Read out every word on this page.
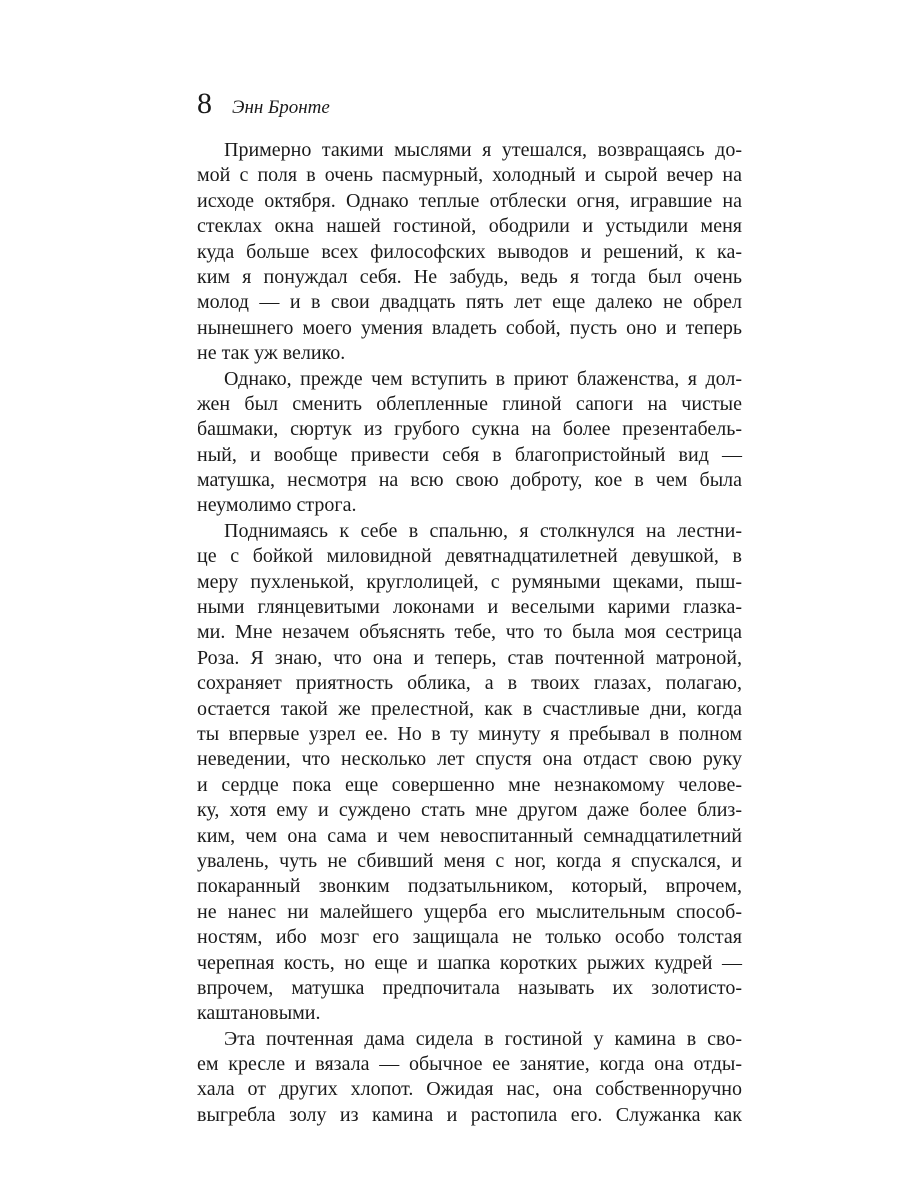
8 Энн Бронте
Примерно такими мыслями я утешался, возвращаясь до-
мой с поля в очень пасмурный, холодный и сырой вечер на
исходе октября. Однако теплые отблески огня, игравшие на
стеклах окна нашей гостиной, ободрили и устыдили меня
куда больше всех философских выводов и решений, к ка-
ким я понуждал себя. Не забудь, ведь я тогда был очень
молод — и в свои двадцать пять лет еще далеко не обрел
нынешнего моего умения владеть собой, пусть оно и теперь
не так уж велико.
Однако, прежде чем вступить в приют блаженства, я дол-
жен был сменить облепленные глиной сапоги на чистые
башмаки, сюртук из грубого сукна на более презентабель-
ный, и вообще привести себя в благопристойный вид —
матушка, несмотря на всю свою доброту, кое в чем была
неумолимо строга.
Поднимаясь к себе в спальню, я столкнулся на лестни-
це с бойкой миловидной девятнадцатилетней девушкой, в
меру пухленькой, круглолицей, с румяными щеками, пыш-
ными глянцевитыми локонами и веселыми карими глазка-
ми. Мне незачем объяснять тебе, что то была моя сестрица
Роза. Я знаю, что она и теперь, став почтенной матроной,
сохраняет приятность облика, а в твоих глазах, полагаю,
остается такой же прелестной, как в счастливые дни, когда
ты впервые узрел ее. Но в ту минуту я пребывал в полном
неведении, что несколько лет спустя она отдаст свою руку
и сердце пока еще совершенно мне незнакомому челове-
ку, хотя ему и суждено стать мне другом даже более близ-
ким, чем она сама и чем невоспитанный семнадцатилетний
увалень, чуть не сбивший меня с ног, когда я спускался, и
покаранный звонким подзатыльником, который, впрочем,
не нанес ни малейшего ущерба его мыслительным способ-
ностям, ибо мозг его защищала не только особо толстая
черепная кость, но еще и шапка коротких рыжих кудрей —
впрочем, матушка предпочитала называть их золотисто-
каштановыми.
Эта почтенная дама сидела в гостиной у камина в сво-
ем кресле и вязала — обычное ее занятие, когда она отды-
хала от других хлопот. Ожидая нас, она собственноручно
выгребла золу из камина и растопила его. Служанка как
